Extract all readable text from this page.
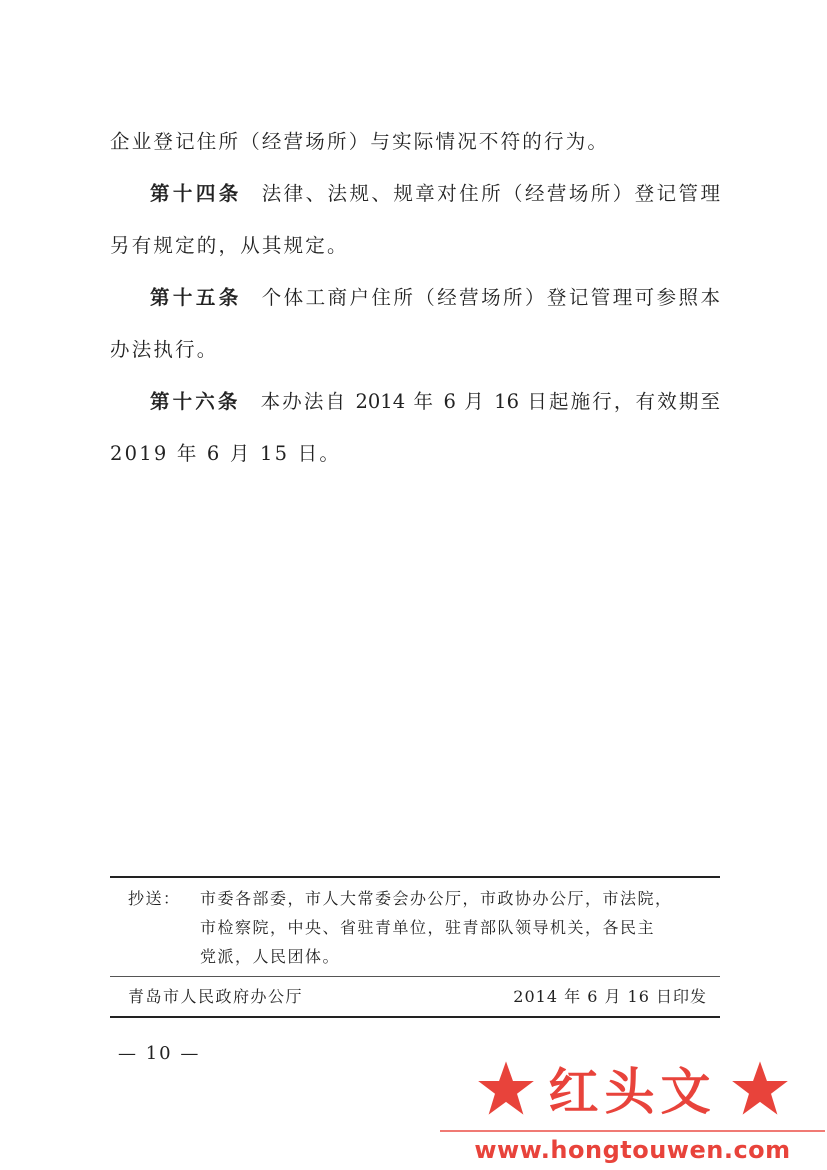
企业登记住所（经营场所）与实际情况不符的行为。

第十四条 法律、法规、规章对住所（经营场所）登记管理

另有规定的，从其规定。

第十五条 个体工商户住所（经营场所）登记管理可参照本

办法执行。

第十六条 本办法自 2014 年 6 月 16 日起施行，有效期至

2019 年 6 月 15 日。

抄送： 市委各部委，市人大常委会办公厅，市政协办公厅，市法院，
市检察院，中央、省驻青单位，驻青部队领导机关，各民主
党派，人民团体。
青岛市人民政府办公厅	2014 年 6 月 16 日印发
— 10 —
红头文
www.hongtouwen.com
